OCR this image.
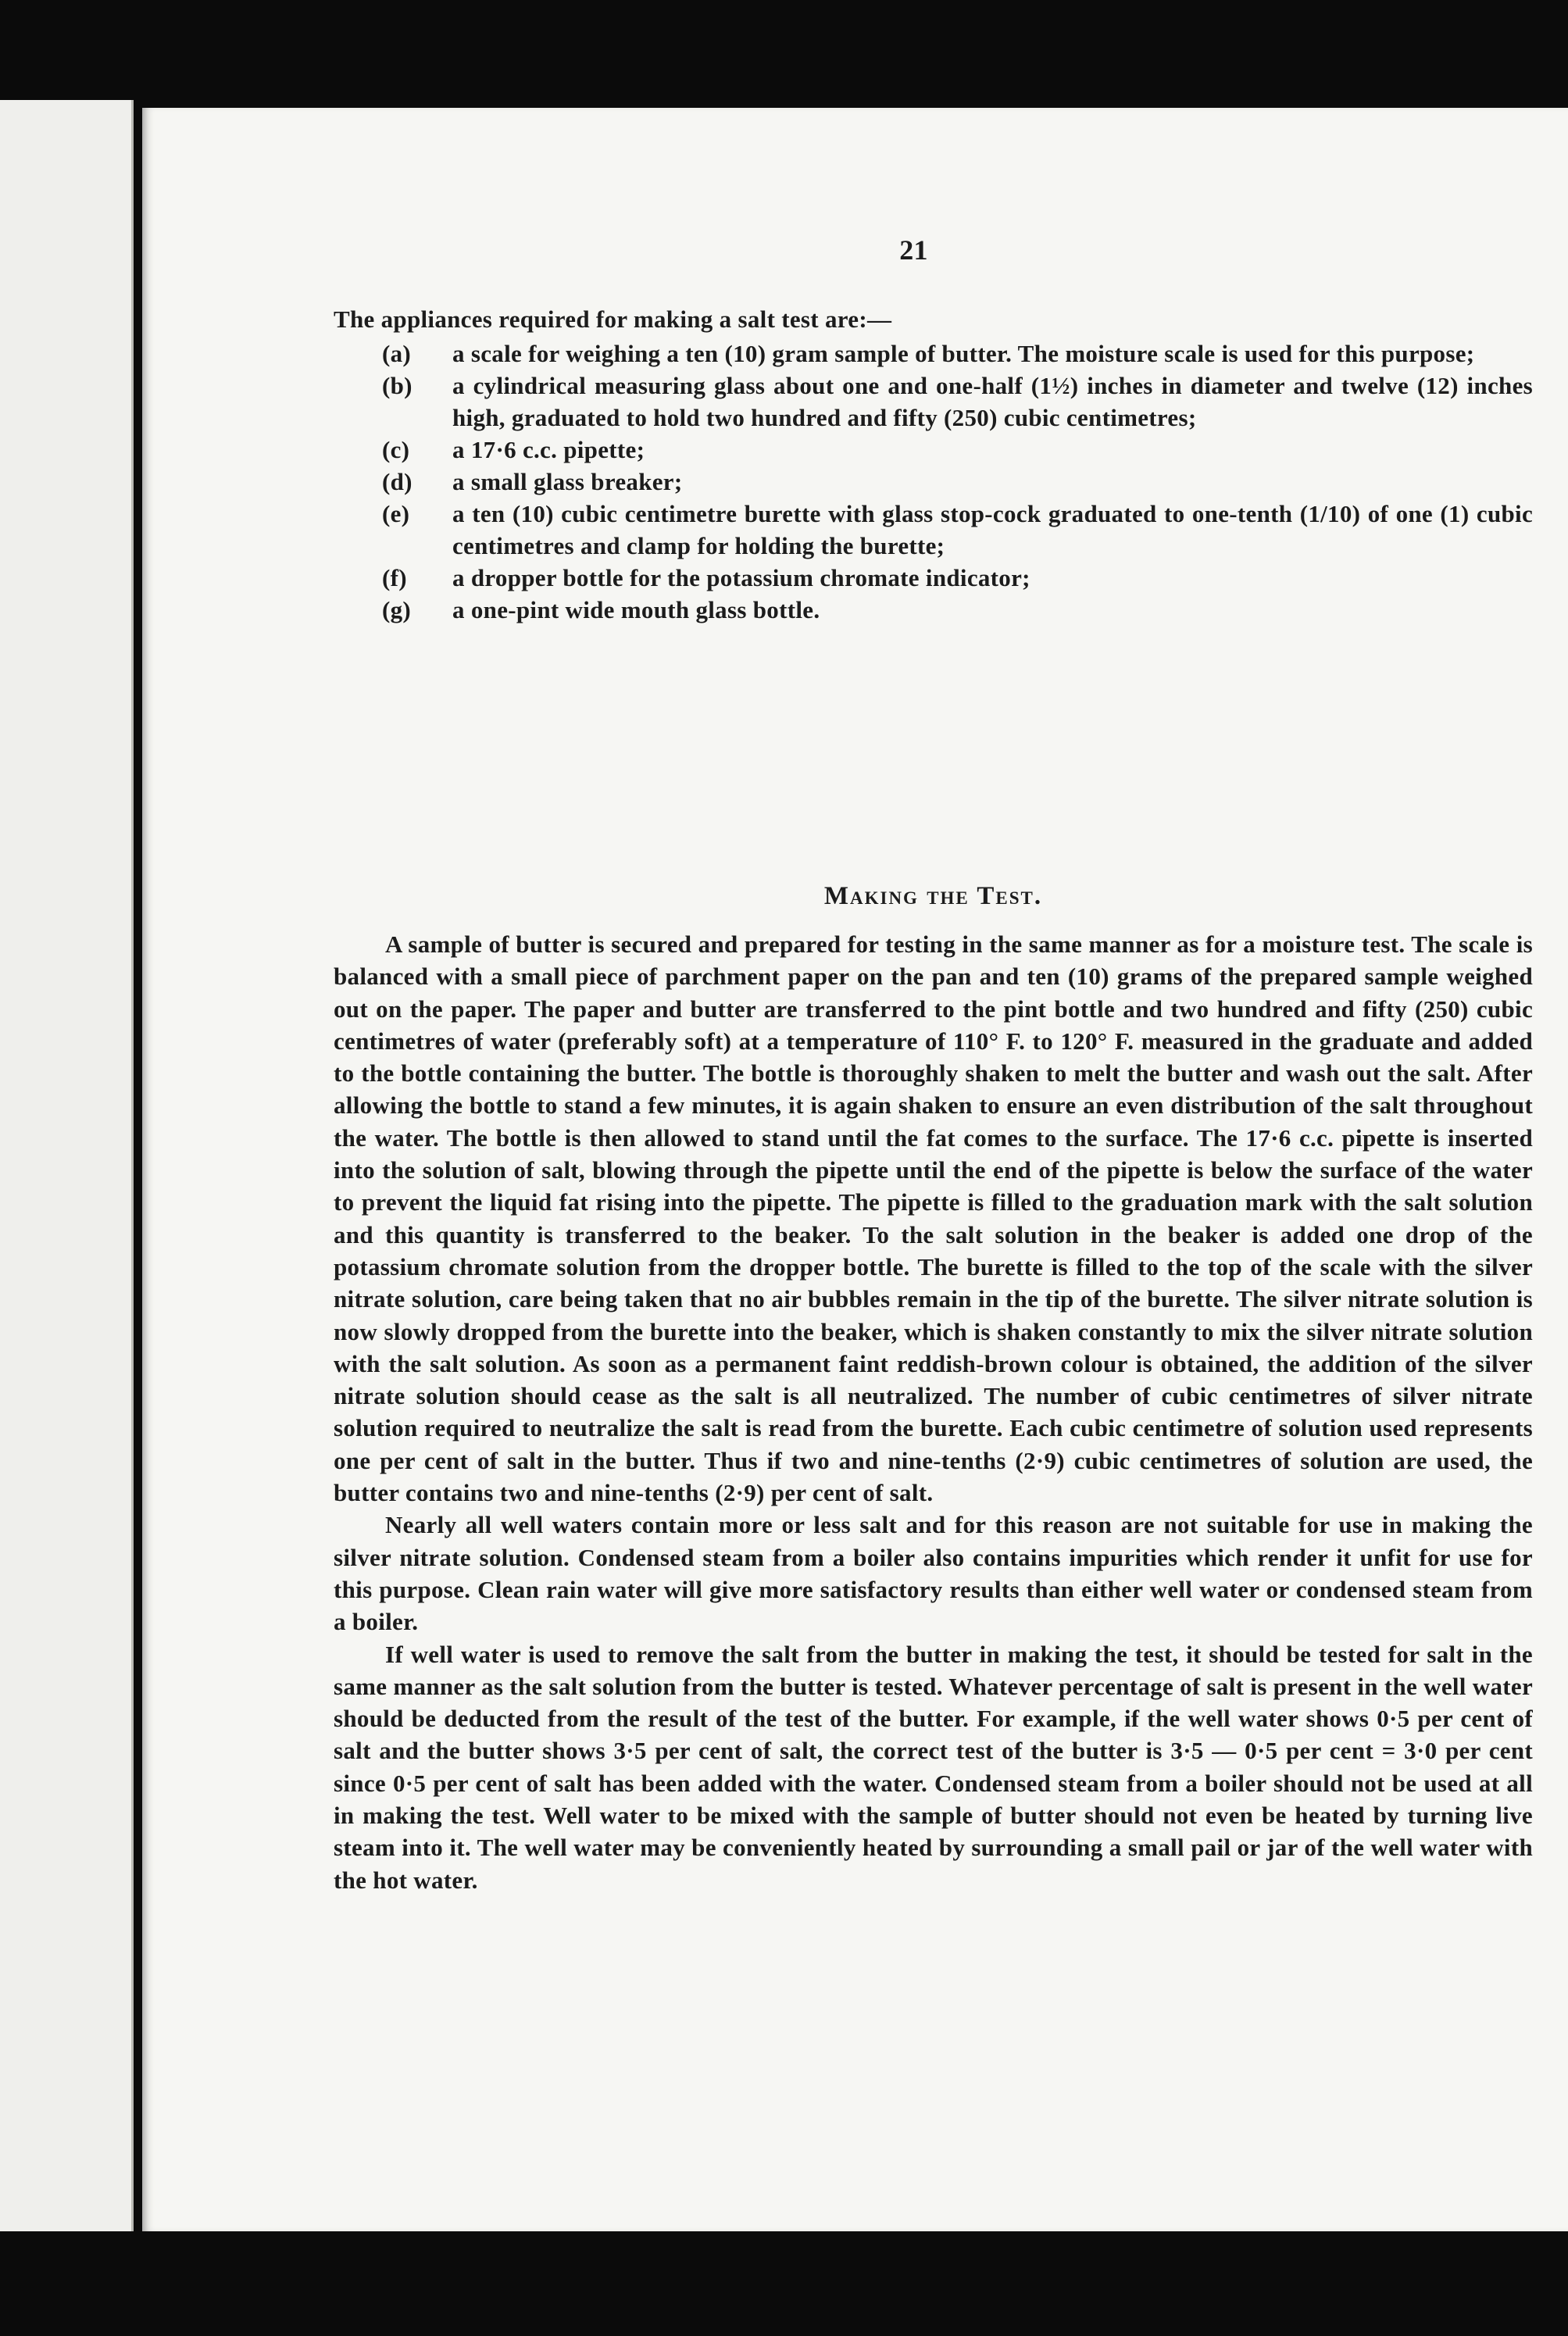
21
The appliances required for making a salt test are:—
(a) a scale for weighing a ten (10) gram sample of butter. The moisture scale is used for this purpose;
(b) a cylindrical measuring glass about one and one-half (1½) inches in diameter and twelve (12) inches high, graduated to hold two hundred and fifty (250) cubic centimetres;
(c) a 17·6 c.c. pipette;
(d) a small glass breaker;
(e) a ten (10) cubic centimetre burette with glass stop-cock graduated to one-tenth (1/10) of one (1) cubic centimetres and clamp for holding the burette;
(f) a dropper bottle for the potassium chromate indicator;
(g) a one-pint wide mouth glass bottle.
Making the Test.

A sample of butter is secured and prepared for testing in the same manner as for a moisture test. The scale is balanced with a small piece of parchment paper on the pan and ten (10) grams of the prepared sample weighed out on the paper. The paper and butter are transferred to the pint bottle and two hundred and fifty (250) cubic centimetres of water (preferably soft) at a temperature of 110° F. to 120° F. measured in the graduate and added to the bottle containing the butter. The bottle is thoroughly shaken to melt the butter and wash out the salt. After allowing the bottle to stand a few minutes, it is again shaken to ensure an even distribution of the salt throughout the water. The bottle is then allowed to stand until the fat comes to the surface. The 17·6 c.c. pipette is inserted into the solution of salt, blowing through the pipette until the end of the pipette is below the surface of the water to prevent the liquid fat rising into the pipette. The pipette is filled to the graduation mark with the salt solution and this quantity is transferred to the beaker. To the salt solution in the beaker is added one drop of the potassium chromate solution from the dropper bottle. The burette is filled to the top of the scale with the silver nitrate solution, care being taken that no air bubbles remain in the tip of the burette. The silver nitrate solution is now slowly dropped from the burette into the beaker, which is shaken constantly to mix the silver nitrate solution with the salt solution. As soon as a permanent faint reddish-brown colour is obtained, the addition of the silver nitrate solution should cease as the salt is all neutralized. The number of cubic centimetres of silver nitrate solution required to neutralize the salt is read from the burette. Each cubic centimetre of solution used represents one per cent of salt in the butter. Thus if two and nine-tenths (2·9) cubic centimetres of solution are used, the butter contains two and nine-tenths (2·9) per cent of salt.

Nearly all well waters contain more or less salt and for this reason are not suitable for use in making the silver nitrate solution. Condensed steam from a boiler also contains impurities which render it unfit for use for this purpose. Clean rain water will give more satisfactory results than either well water or condensed steam from a boiler.

If well water is used to remove the salt from the butter in making the test, it should be tested for salt in the same manner as the salt solution from the butter is tested. Whatever percentage of salt is present in the well water should be deducted from the result of the test of the butter. For example, if the well water shows 0·5 per cent of salt and the butter shows 3·5 per cent of salt, the correct test of the butter is 3·5 — 0·5 per cent = 3·0 per cent since 0·5 per cent of salt has been added with the water. Condensed steam from a boiler should not be used at all in making the test. Well water to be mixed with the sample of butter should not even be heated by turning live steam into it. The well water may be conveniently heated by surrounding a small pail or jar of the well water with the hot water.
